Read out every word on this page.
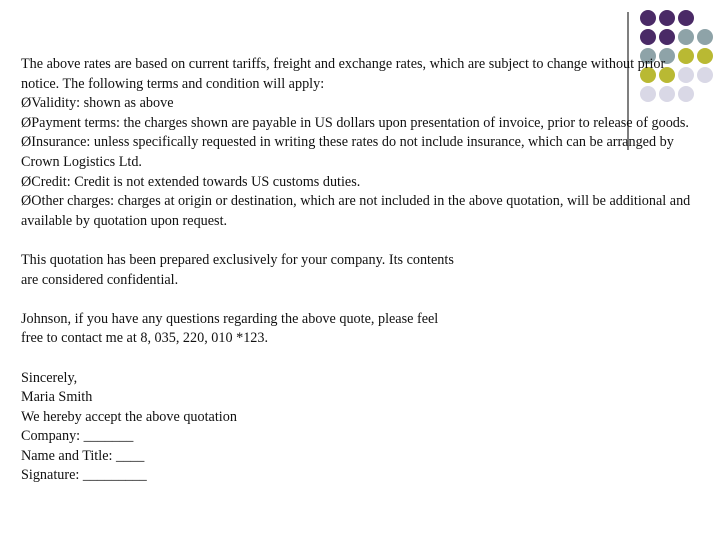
The above rates are based on current tariffs, freight and exchange rates, which are subject to change without prior notice. The following terms and condition will apply:

Ø Validity: shown as above

Ø Payment terms: the charges shown are payable in US dollars upon presentation of invoice, prior to release of goods.

Ø Insurance: unless specifically requested in writing these rates do not include insurance, which can be arranged by Crown Logistics Ltd.

Ø Credit: Credit is not extended towards US customs duties.

Ø Other charges: charges at origin or destination, which are not included in the above quotation, will be additional and available by quotation upon request.

This quotation has been prepared exclusively for your company. Its contents

are considered confidential.

Johnson, if you have any questions regarding the above quote, please feel

free to contact me at 8, 035, 220, 010 *123.

Sincerely,

Maria Smith

We hereby accept the above quotation

Company: _______

Name and Title: ____

Signature: _________
